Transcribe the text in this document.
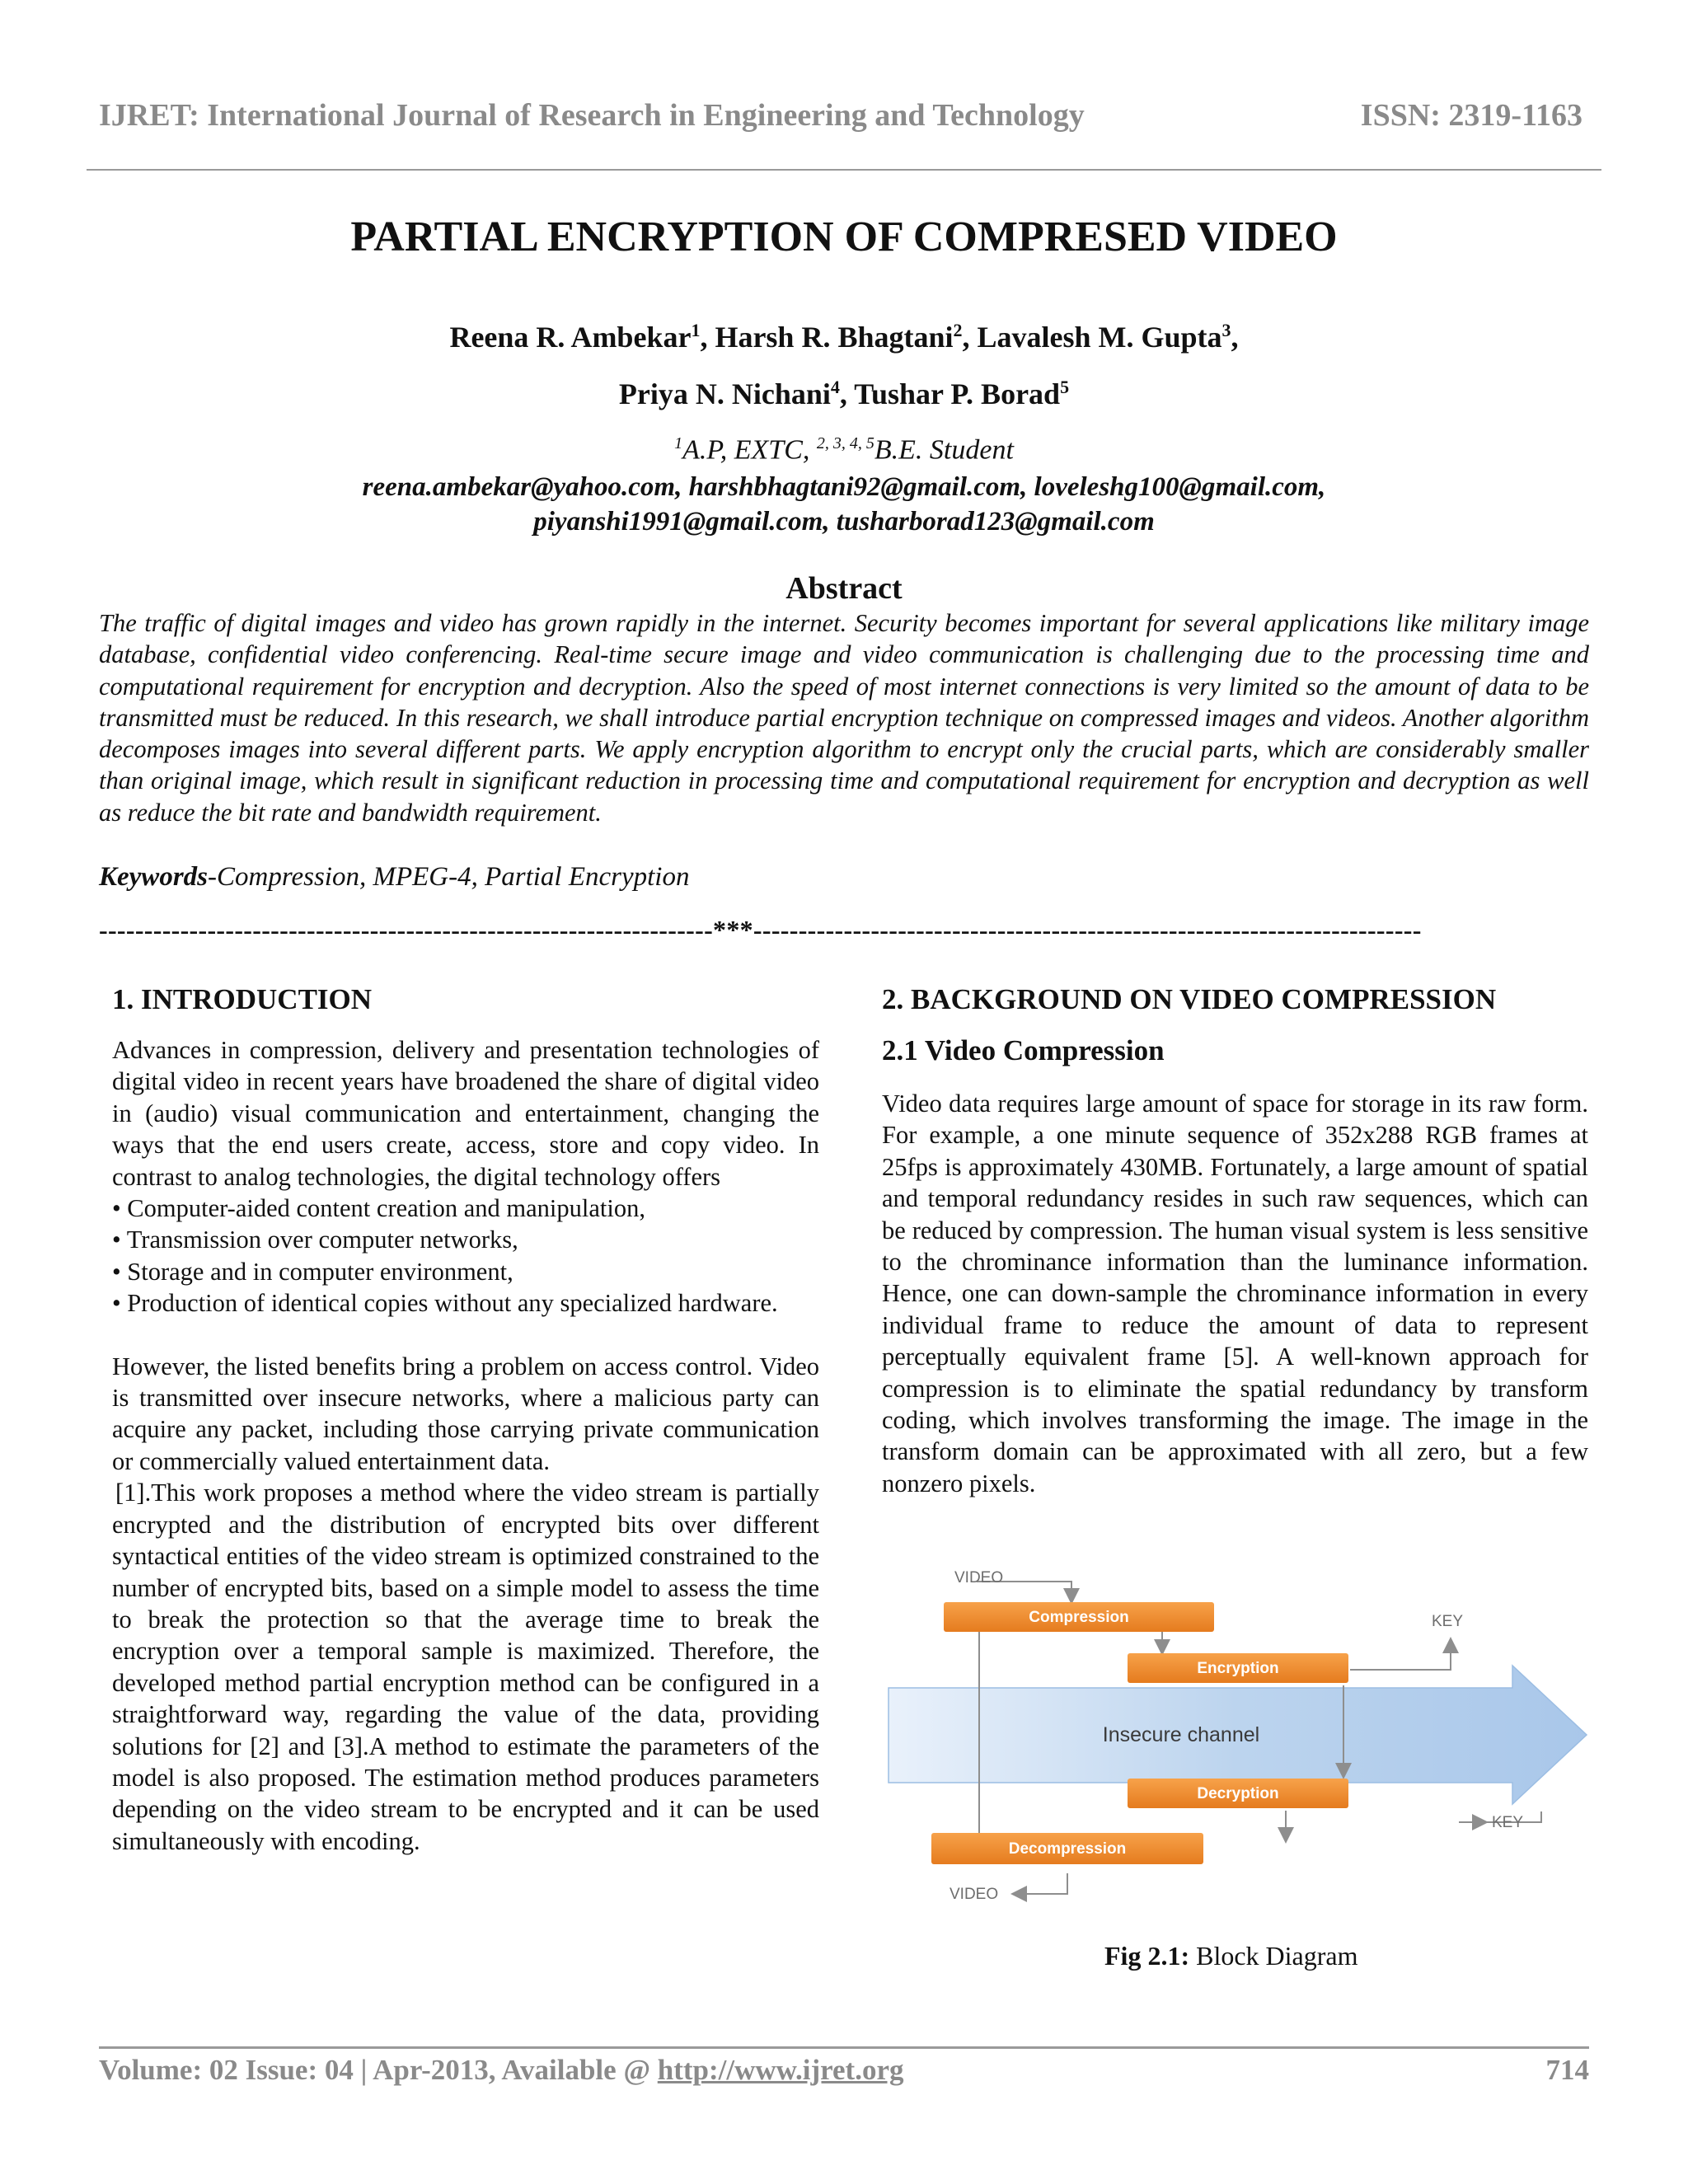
IJRET: International Journal of Research in Engineering and Technology	ISSN: 2319-1163
PARTIAL ENCRYPTION OF COMPRESED VIDEO
Reena R. Ambekar$^1$, Harsh R. Bhagtani$^2$, Lavalesh M. Gupta$^3$,
Priya N. Nichani$^4$, Tushar P. Borad$^5$
$^1$A.P, EXTC, $^{2, 3, 4, 5}$B.E. Student
reena.ambekar@yahoo.com, harshbhagtani92@gmail.com, loveleshg100@gmail.com,
piyanshi1991@gmail.com, tusharborad123@gmail.com
Abstract
The traffic of digital images and video has grown rapidly in the internet. Security becomes important for several applications like military image database, confidential video conferencing. Real-time secure image and video communication is challenging due to the processing time and computational requirement for encryption and decryption. Also the speed of most internet connections is very limited so the amount of data to be transmitted must be reduced. In this research, we shall introduce partial encryption technique on compressed images and videos. Another algorithm decomposes images into several different parts. We apply encryption algorithm to encrypt only the crucial parts, which are considerably smaller than original image, which result in significant reduction in processing time and computational requirement for encryption and decryption as well as reduce the bit rate and bandwidth requirement.
Keywords-Compression, MPEG-4, Partial Encryption
--------------------------------------------------------------------***--------------------------------------------------------------------------
1. INTRODUCTION
Advances in compression, delivery and presentation technologies of digital video in recent years have broadened the share of digital video in (audio) visual communication and entertainment, changing the ways that the end users create, access, store and copy video. In contrast to analog technologies, the digital technology offers
• Computer-aided content creation and manipulation,
• Transmission over computer networks,
• Storage and in computer environment,
• Production of identical copies without any specialized hardware.
However, the listed benefits bring a problem on access control. Video is transmitted over insecure networks, where a malicious party can acquire any packet, including those carrying private communication or commercially valued entertainment data.
[1].This work proposes a method where the video stream is partially encrypted and the distribution of encrypted bits over different syntactical entities of the video stream is optimized constrained to the number of encrypted bits, based on a simple model to assess the time to break the protection so that the average time to break the encryption over a temporal sample is maximized. Therefore, the developed method partial encryption method can be configured in a straightforward way, regarding the value of the data, providing solutions for [2] and [3].A method to estimate the parameters of the model is also proposed. The estimation method produces parameters depending on the video stream to be encrypted and it can be used simultaneously with encoding.
2. BACKGROUND ON VIDEO COMPRESSION
2.1 Video Compression
Video data requires large amount of space for storage in its raw form. For example, a one minute sequence of 352x288 RGB frames at 25fps is approximately 430MB. Fortunately, a large amount of spatial and temporal redundancy resides in such raw sequences, which can be reduced by compression. The human visual system is less sensitive to the chrominance information than the luminance information. Hence, one can down-sample the chrominance information in every individual frame to reduce the amount of data to represent perceptually equivalent frame [5]. A well-known approach for compression is to eliminate the spatial redundancy by transform coding, which involves transforming the image. The image in the transform domain can be approximated with all zero, but a few nonzero pixels.
VIDEO
Compression	KEY
Encryption
Insecure channel
Decryption
KEY
Decompression
VIDEO
Fig 2.1: Block Diagram
Volume: 02 Issue: 04 | Apr-2013, Available @ http://www.ijret.org	714
